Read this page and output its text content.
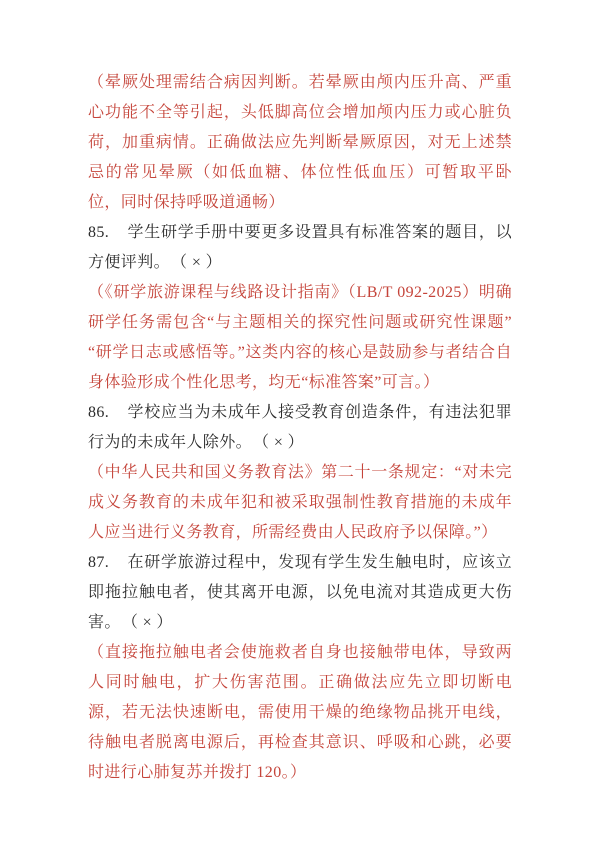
（晕厥处理需结合病因判断。若晕厥由颅内压升高、严重心功能不全等引起，头低脚高位会增加颅内压力或心脏负荷，加重病情。正确做法应先判断晕厥原因，对无上述禁忌的常见晕厥（如低血糖、体位性低血压）可暂取平卧位，同时保持呼吸道通畅）

85. 学生研学手册中要更多设置具有标准答案的题目，以方便评判。 （ × ）

（《研学旅游课程与线路设计指南》（LB/T 092-2025）明确研学任务需包含“与主题相关的探究性问题或研究性课题”“研学日志或感悟等。”这类内容的核心是鼓励参与者结合自身体验形成个性化思考，均无“标准答案”可言。）

86. 学校应当为未成年人接受教育创造条件，有违法犯罪行为的未成年人除外。 （ × ）

（中华人民共和国义务教育法》第二十一条规定：“对未完成义务教育的未成年犯和被采取强制性教育措施的未成年人应当进行义务教育，所需经费由人民政府予以保障。”）

87. 在研学旅游过程中，发现有学生发生触电时，应该立即拖拉触电者，使其离开电源，以免电流对其造成更大伤害。 （ × ）

（直接拖拉触电者会使施救者自身也接触带电体，导致两人同时触电，扩大伤害范围。正确做法应先立即切断电源，若无法快速断电，需使用干燥的绝缘物品挑开电线，待触电者脱离电源后，再检查其意识、呼吸和心跳，必要时进行心肺复苏并拨打 120。）
